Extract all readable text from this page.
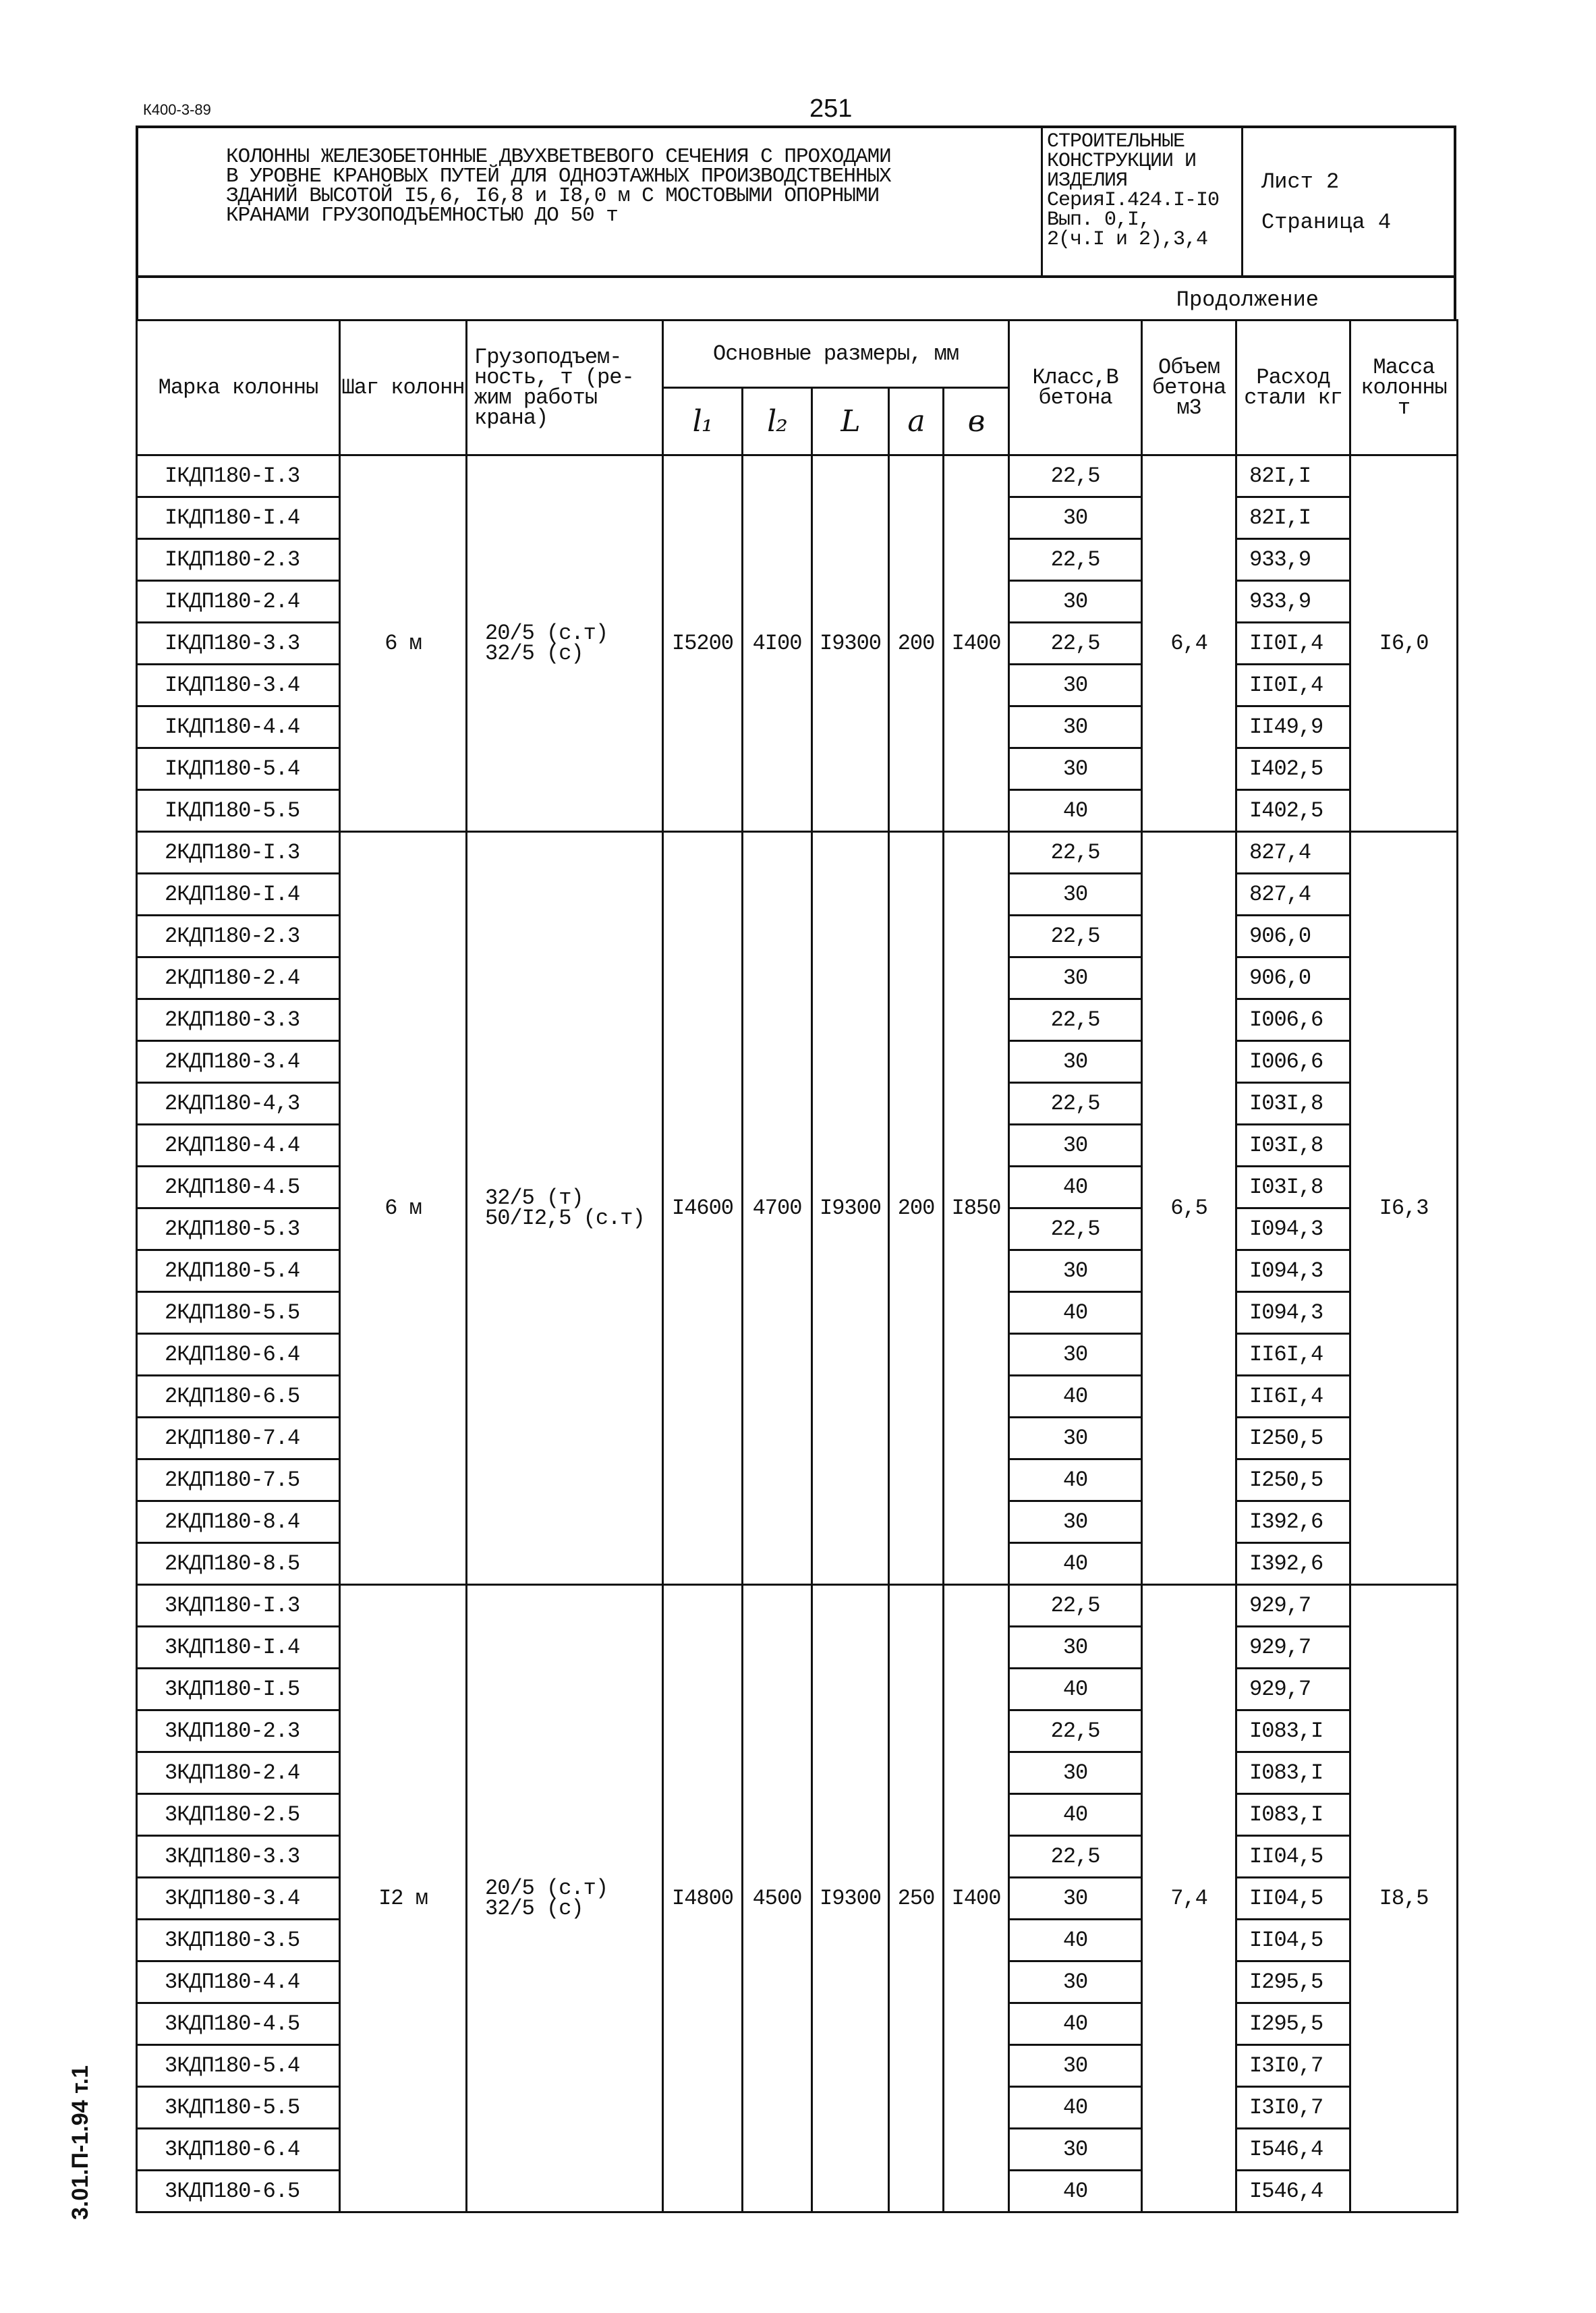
К400-3-89	251
КОЛОННЫ ЖЕЛЕЗОБЕТОННЫЕ ДВУХВЕТВЕВОГО СЕЧЕНИЯ С ПРОХОДАМИ
В УРОВНЕ КРАНОВЫХ ПУТЕЙ ДЛЯ ОДНОЭТАЖНЫХ ПРОИЗВОДСТВЕННЫХ
ЗДАНИЙ ВЫСОТОЙ I5,6, I6,8 и I8,0 м С МОСТОВЫМИ ОПОРНЫМИ
КРАНАМИ ГРУЗОПОДЪЕМНОСТЬЮ ДО 50 т
СТРОИТЕЛЬНЫЕ
КОНСТРУКЦИИ И
ИЗДЕЛИЯ
СерияI.424.I-I0
Вып. 0,I,
2(ч.I и 2),3,4
Лист 2
Страница 4
Продолжение
Марка колонны	Шаг колонн	Грузоподъем-
ность, т (ре-
жим работы
крана)	Основные размеры, мм					Класс,В бетона	Объем бетона м3	Расход стали кг	Масса колонны т
			l₁	l₂	L	a	в				
IКДП180-I.3	6 м	20/5 (с.т)
32/5 (с)	I5200	4I00	I9300	200	I400	22,5	6,4	82I,I	I6,0
IКДП180-I.4								30		82I,I	
IКДП180-2.3								22,5		933,9	
IКДП180-2.4								30		933,9	
IКДП180-3.3								22,5		II0I,4	
IКДП180-3.4								30		II0I,4	
IКДП180-4.4								30		II49,9	
IКДП180-5.4								30		I402,5	
IКДП180-5.5								40		I402,5	
2КДП180-I.3	6 м	32/5 (т)
50/I2,5 (с.т)	I4600	4700	I9300	200	I850	22,5	6,5	827,4	I6,3
2КДП180-I.4								30		827,4	
2КДП180-2.3								22,5		906,0	
2КДП180-2.4								30		906,0	
2КДП180-3.3								22,5		I006,6	
2КДП180-3.4								30		I006,6	
2КДП180-4,3								22,5		I03I,8	
2КДП180-4.4								30		I03I,8	
2КДП180-4.5								40		I03I,8	
2КДП180-5.3								22,5		I094,3	
2КДП180-5.4								30		I094,3	
2КДП180-5.5								40		I094,3	
2КДП180-6.4								30		II6I,4	
2КДП180-6.5								40		II6I,4	
2КДП180-7.4								30		I250,5	
2КДП180-7.5								40		I250,5	
2КДП180-8.4								30		I392,6	
2КДП180-8.5								40		I392,6	
3КДП180-I.3	I2 м	20/5 (с.т)
32/5 (с)	I4800	4500	I9300	250	I400	22,5	7,4	929,7	I8,5
3КДП180-I.4								30		929,7	
3КДП180-I.5								40		929,7	
3КДП180-2.3								22,5		I083,I	
3КДП180-2.4								30		I083,I	
3КДП180-2.5								40		I083,I	
3КДП180-3.3								22,5		II04,5	
3КДП180-3.4								30		II04,5	
3КДП180-3.5								40		II04,5	
3КДП180-4.4								30		I295,5	
3КДП180-4.5								40		I295,5	
3КДП180-5.4								30		I3I0,7	
3КДП180-5.5								40		I3I0,7	
3КДП180-6.4								30		I546,4	
3КДП180-6.5								40		I546,4	
3.01.П-1.94 т.1
